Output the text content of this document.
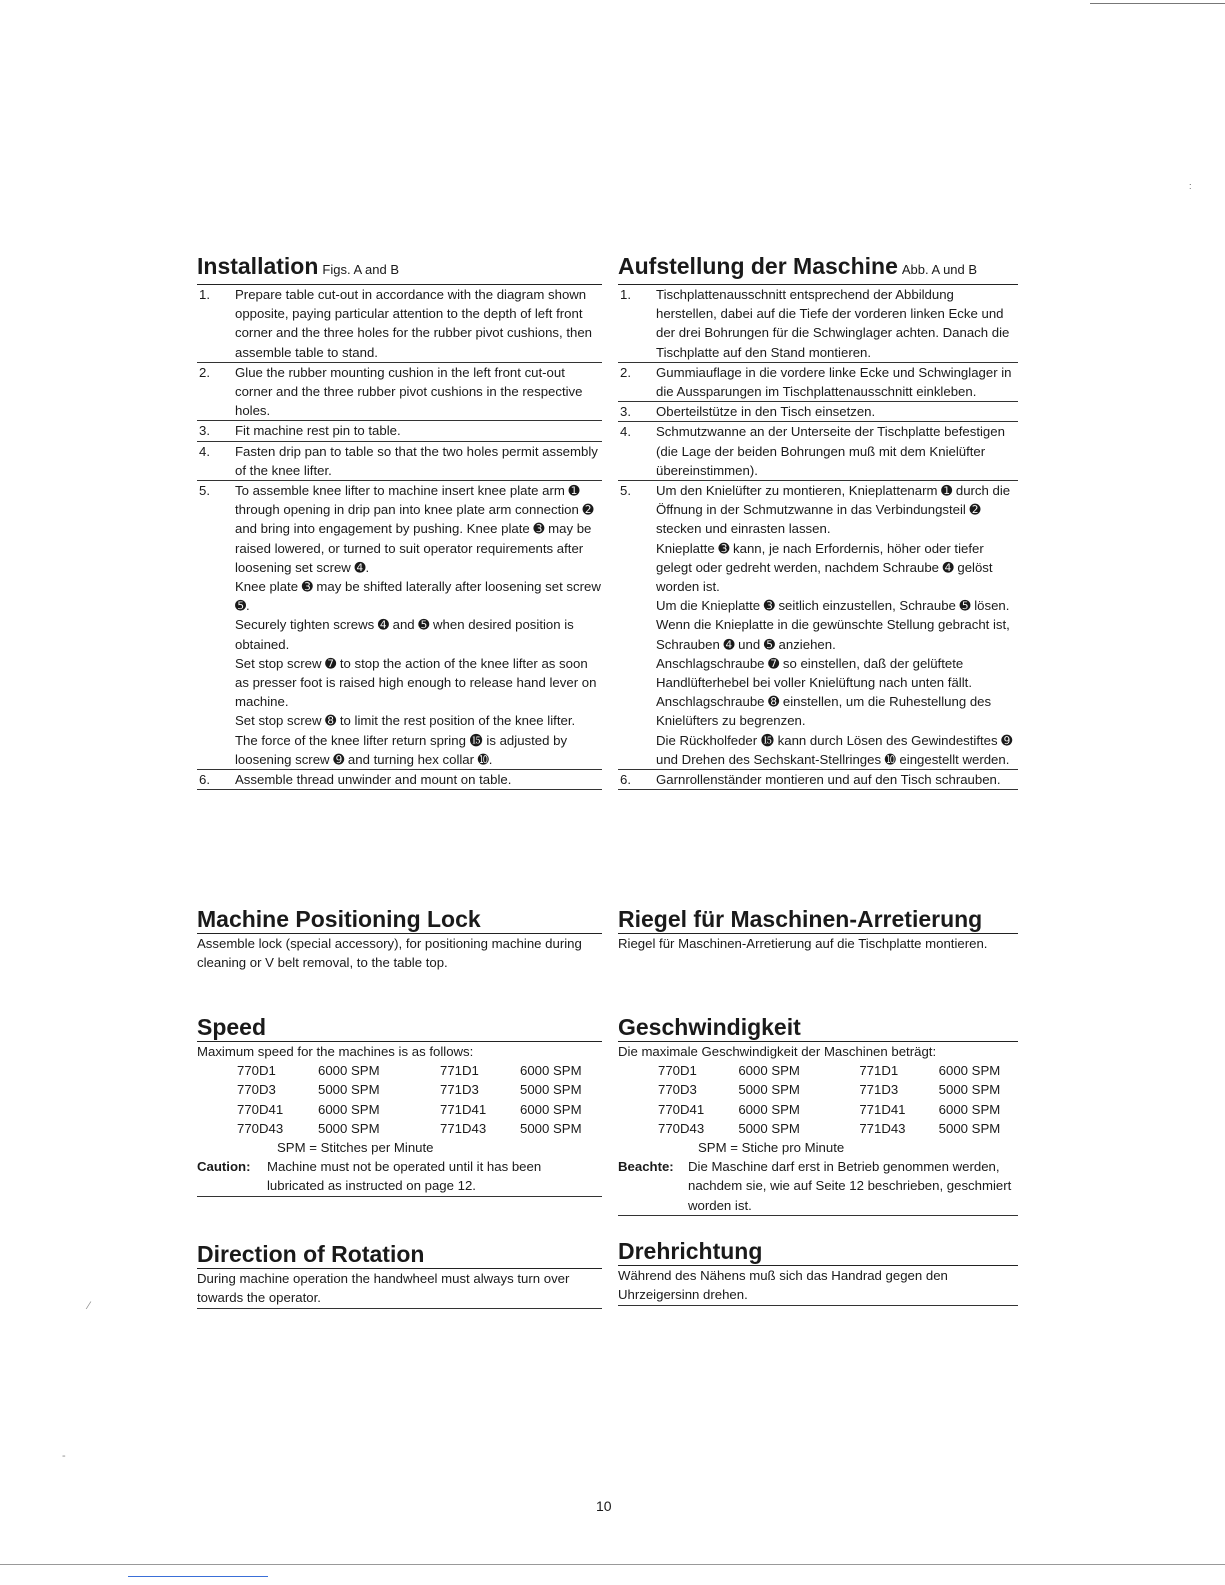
:
⁄
-
Installation Figs. A and B
1.	Prepare table cut-out in accordance with the diagram shown opposite, paying particular attention to the depth of left front corner and the three holes for the rubber pivot cushions, then assemble table to stand.

2.	Glue the rubber mounting cushion in the left front cut-out corner and the three rubber pivot cushions in the respective holes.

3.	Fit machine rest pin to table.

4.	Fasten drip pan to table so that the two holes permit assembly of the knee lifter.

5.	To assemble knee lifter to machine insert knee plate arm ➊ through opening in drip pan into knee plate arm connection ➋ and bring into engagement by pushing. Knee plate ➌ may be raised lowered, or turned to suit operator requirements after loosening set screw ➍.

Knee plate ➌ may be shifted laterally after loosening set screw ➎.

Securely tighten screws ➍ and ➎ when desired position is obtained.

Set stop screw ➐ to stop the action of the knee lifter as soon as presser foot is raised high enough to release hand lever on machine.

Set stop screw ➑ to limit the rest position of the knee lifter.

The force of the knee lifter return spring ⓯ is adjusted by loosening screw ➒ and turning hex collar ➓.

6.	Assemble thread unwinder and mount on table.

Aufstellung der Maschine Abb. A und B
1.	Tischplattenausschnitt entsprechend der Abbildung herstellen, dabei auf die Tiefe der vorderen linken Ecke und der drei Bohrungen für die Schwinglager achten. Danach die Tischplatte auf den Stand montieren.

2.	Gummiauflage in die vordere linke Ecke und Schwinglager in die Aussparungen im Tischplattenausschnitt einkleben.

3.	Oberteilstütze in den Tisch einsetzen.

4.	Schmutzwanne an der Unterseite der Tischplatte befestigen (die Lage der beiden Bohrungen muß mit dem Knielüfter übereinstimmen).

5.	Um den Knielüfter zu montieren, Knieplattenarm ➊ durch die Öffnung in der Schmutzwanne in das Verbindungsteil ➋ stecken und einrasten lassen.

Knieplatte ➌ kann, je nach Erfordernis, höher oder tiefer gelegt oder gedreht werden, nachdem Schraube ➍ gelöst worden ist.

Um die Knieplatte ➌ seitlich einzustellen, Schraube ➎ lösen.

Wenn die Knieplatte in die gewünschte Stellung gebracht ist, Schrauben ➍ und ➎ anziehen.

Anschlagschraube ➐ so einstellen, daß der gelüftete Handlüfterhebel bei voller Knielüftung nach unten fällt.

Anschlagschraube ➑ einstellen, um die Ruhestellung des Knielüfters zu begrenzen.

Die Rückholfeder ⓯ kann durch Lösen des Gewindestiftes ➒ und Drehen des Sechskant-Stellringes ➓ eingestellt werden.

6.	Garnrollenständer montieren und auf den Tisch schrauben.

Machine Positioning Lock
Assemble lock (special accessory), for positioning machine during cleaning or V belt removal, to the table top.
Riegel für Maschinen-Arretierung
Riegel für Maschinen-Arretierung auf die Tischplatte montieren.
Speed
Maximum speed for the machines is as follows:
770D1	6000 SPM	771D1	6000 SPM
770D3	5000 SPM	771D3	5000 SPM
770D41	6000 SPM	771D41	6000 SPM
770D43	5000 SPM	771D43	5000 SPM
SPM = Stitches per Minute
Caution:	Machine must not be operated until it has been lubricated as instructed on page 12.
Geschwindigkeit
Die maximale Geschwindigkeit der Maschinen beträgt:
770D1	6000 SPM	771D1	6000 SPM
770D3	5000 SPM	771D3	5000 SPM
770D41	6000 SPM	771D41	6000 SPM
770D43	5000 SPM	771D43	5000 SPM
SPM = Stiche pro Minute
Beachte:	Die Maschine darf erst in Betrieb genommen werden, nachdem sie, wie auf Seite 12 beschrieben, geschmiert worden ist.
Direction of Rotation
During machine operation the handwheel must always turn over towards the operator.
Drehrichtung
Während des Nähens muß sich das Handrad gegen den Uhrzeigersinn drehen.
10
